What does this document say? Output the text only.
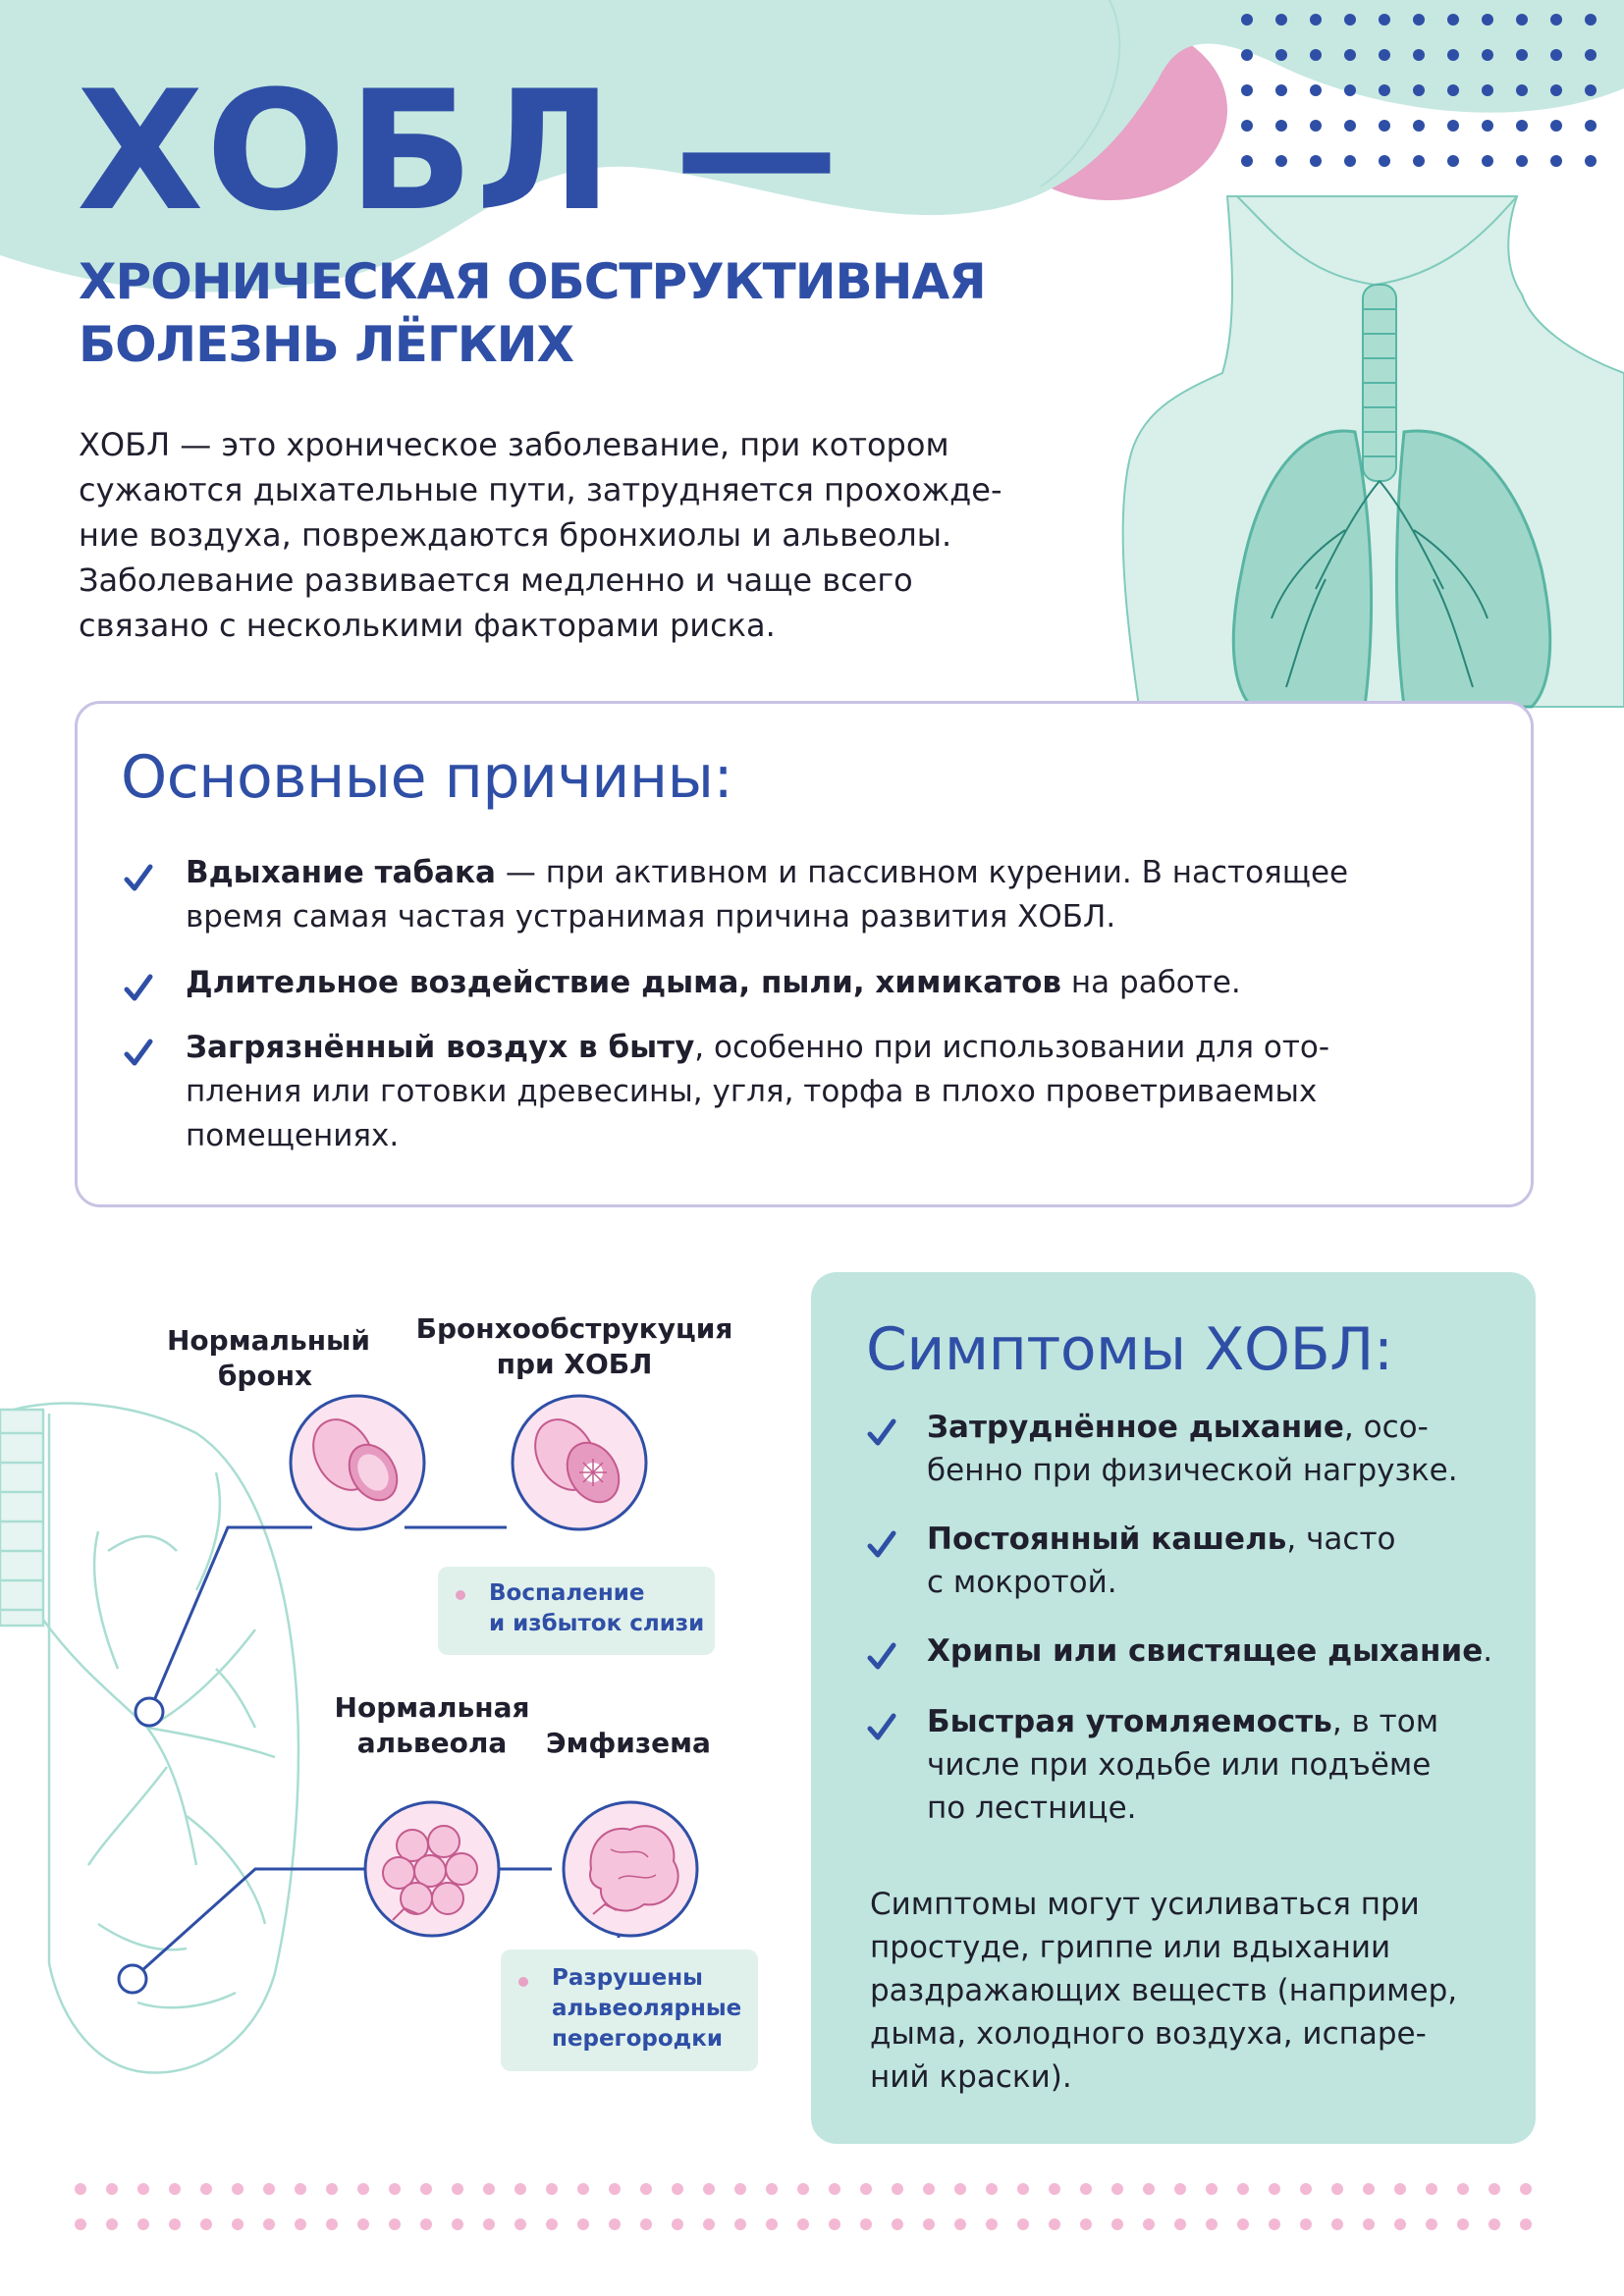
ХОБЛ —
ХРОНИЧЕСКАЯ ОБСТРУКТИВНАЯ
БОЛЕЗНЬ ЛЁГКИХ
ХОБЛ — это хроническое заболевание, при котором
сужаются дыхательные пути, затрудняется прохожде-
ние воздуха, повреждаются бронхиолы и альвеолы.
Заболевание развивается медленно и чаще всего
связано с несколькими факторами риска.
Основные причины:
Вдыхание табака — при активном и пассивном курении. В настоящее
время самая частая устранимая причина развития ХОБЛ.
Длительное воздействие дыма, пыли, химикатов на работе.
Загрязнённый воздух в быту, особенно при использовании для ото-
пления или готовки древесины, угля, торфа в плохо проветриваемых
помещениях.
Нормальный
бронх
Бронхообструкуция
при ХОБЛ
Воспаление
и избыток слизи
Нормальная
альвеола	Эмфизема
Разрушены
альвеолярные
перегородки
Симптомы ХОБЛ:
Затруднённое дыхание, осо-
бенно при физической нагрузке.
Постоянный кашель, часто
с мокротой.
Хрипы или свистящее дыхание.
Быстрая утомляемость, в том
числе при ходьбе или подъёме
по лестнице.
Симптомы могут усиливаться при
простуде, гриппе или вдыхании
раздражающих веществ (например,
дыма, холодного воздуха, испаре-
ний краски).
